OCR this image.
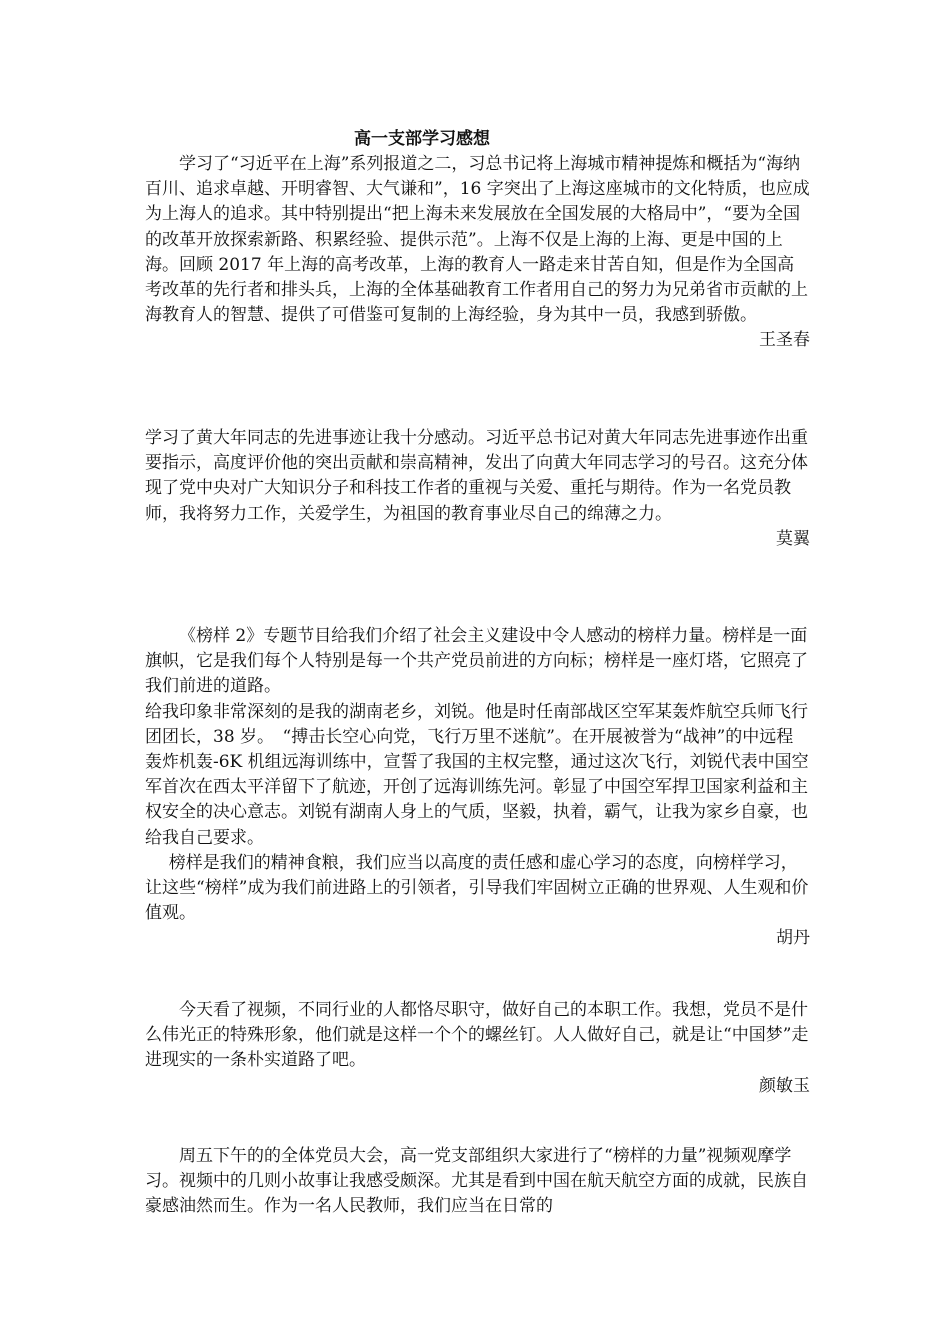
高一支部学习感想

学习了“习近平在上海”系列报道之二，习总书记将上海城市精神提炼和概括为“海纳百川、追求卓越、开明睿智、大气谦和”，16 字突出了上海这座城市的文化特质，也应成为上海人的追求。其中特别提出“把上海未来发展放在全国发展的大格局中”，“要为全国的改革开放探索新路、积累经验、提供示范”。上海不仅是上海的上海、更是中国的上海。回顾 2017 年上海的高考改革，上海的教育人一路走来甘苦自知，但是作为全国高考改革的先行者和排头兵，上海的全体基础教育工作者用自己的努力为兄弟省市贡献的上海教育人的智慧、提供了可借鉴可复制的上海经验，身为其中一员，我感到骄傲。

王圣春

学习了黄大年同志的先进事迹让我十分感动。习近平总书记对黄大年同志先进事迹作出重要指示，高度评价他的突出贡献和崇高精神，发出了向黄大年同志学习的号召。这充分体现了党中央对广大知识分子和科技工作者的重视与关爱、重托与期待。作为一名党员教师，我将努力工作，关爱学生，为祖国的教育事业尽自己的绵薄之力。

莫翼

《榜样 2》专题节目给我们介绍了社会主义建设中令人感动的榜样力量。榜样是一面旗帜，它是我们每个人特别是每一个共产党员前进的方向标；榜样是一座灯塔，它照亮了我们前进的道路。

给我印象非常深刻的是我的湖南老乡，刘锐。他是时任南部战区空军某轰炸航空兵师飞行团团长，38 岁。　“搏击长空心向党，飞行万里不迷航”。在开展被誉为“战神”的中远程轰炸机轰-6K 机组远海训练中，宣誓了我国的主权完整，通过这次飞行，刘锐代表中国空军首次在西太平洋留下了航迹，开创了远海训练先河。彰显了中国空军捍卫国家利益和主权安全的决心意志。刘锐有湖南人身上的气质，坚毅，执着，霸气，让我为家乡自豪，也给我自己要求。

榜样是我们的精神食粮，我们应当以高度的责任感和虚心学习的态度，向榜样学习，让这些“榜样”成为我们前进路上的引领者，引导我们牢固树立正确的世界观、人生观和价值观。

胡丹

今天看了视频，不同行业的人都恪尽职守，做好自己的本职工作。我想，党员不是什么伟光正的特殊形象，他们就是这样一个个的螺丝钉。人人做好自己，就是让“中国梦”走进现实的一条朴实道路了吧。

颜敏玉

周五下午的的全体党员大会，高一党支部组织大家进行了“榜样的力量”视频观摩学习。视频中的几则小故事让我感受颇深。尤其是看到中国在航天航空方面的成就，民族自豪感油然而生。作为一名人民教师，我们应当在日常的
